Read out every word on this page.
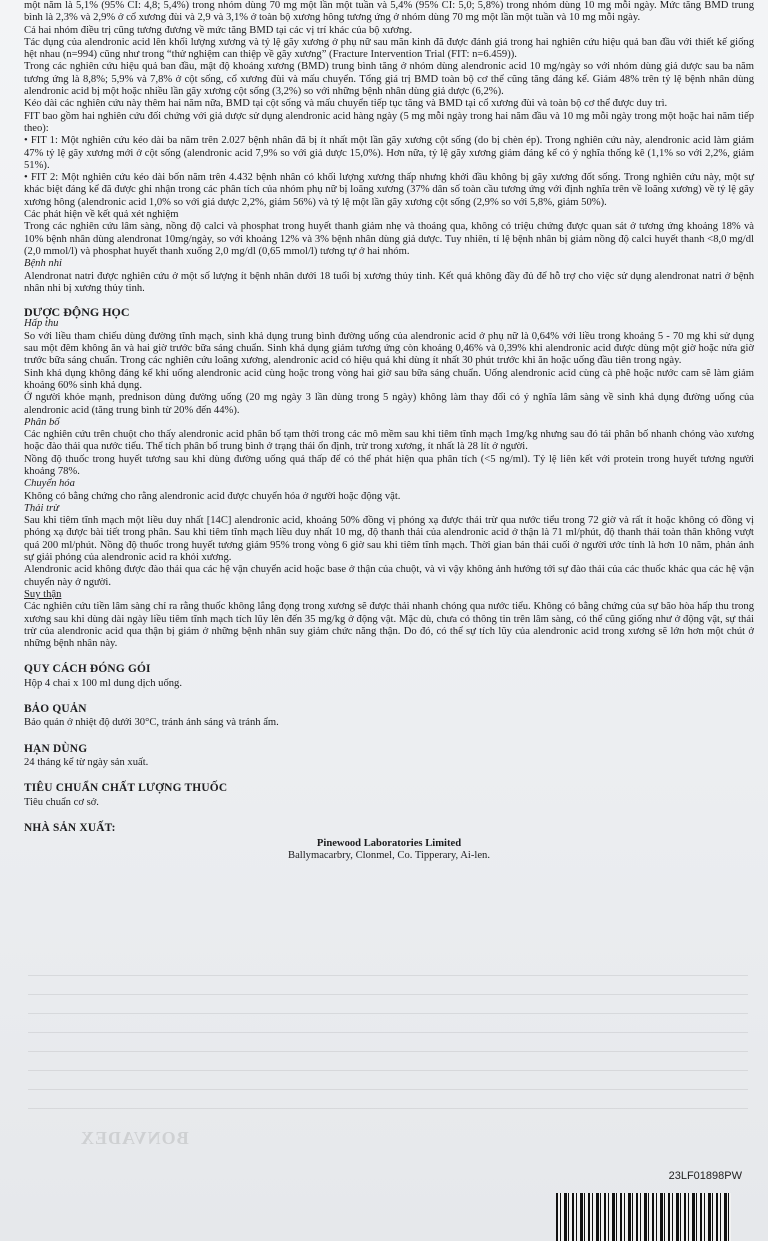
một năm là 5,1% (95% CI: 4,8; 5,4%) trong nhóm dùng 70 mg một lần một tuần và 5,4% (95% CI: 5,0; 5,8%) trong nhóm dùng 10 mg mỗi ngày. Mức tăng BMD trung bình là 2,3% và 2,9% ở cổ xương đùi và 2,9 và 3,1% ở toàn bộ xương hông tương ứng ở nhóm dùng 70 mg một lần một tuần và 10 mg mỗi ngày.

Cả hai nhóm điều trị cũng tương đương về mức tăng BMD tại các vị trí khác của bộ xương.

Tác dụng của alendronic acid lên khối lượng xương và tỷ lệ gãy xương ở phụ nữ sau mãn kinh đã được đánh giá trong hai nghiên cứu hiệu quả ban đầu với thiết kế giống hệt nhau (n=994) cũng như trong “thử nghiệm can thiệp về gãy xương” (Fracture Intervention Trial (FIT: n=6.459)).

Trong các nghiên cứu hiệu quả ban đầu, mật độ khoáng xương (BMD) trung bình tăng ở nhóm dùng alendronic acid 10 mg/ngày so với nhóm dùng giả dược sau ba năm tương ứng là 8,8%; 5,9% và 7,8% ở cột sống, cổ xương đùi và mấu chuyển. Tổng giá trị BMD toàn bộ cơ thể cũng tăng đáng kể. Giảm 48% trên tỷ lệ bệnh nhân dùng alendronic acid bị một hoặc nhiều lần gãy xương cột sống (3,2%) so với những bệnh nhân dùng giả dược (6,2%).

Kéo dài các nghiên cứu này thêm hai năm nữa, BMD tại cột sống và mấu chuyển tiếp tục tăng và BMD tại cổ xương đùi và toàn bộ cơ thể được duy trì.

FIT bao gồm hai nghiên cứu đối chứng với giả dược sử dụng alendronic acid hàng ngày (5 mg mỗi ngày trong hai năm đầu và 10 mg mỗi ngày trong một hoặc hai năm tiếp theo):

• FIT 1: Một nghiên cứu kéo dài ba năm trên 2.027 bệnh nhân đã bị ít nhất một lần gãy xương cột sống (do bị chèn ép). Trong nghiên cứu này, alendronic acid làm giảm 47% tỷ lệ gãy xương mới ở cột sống (alendronic acid 7,9% so với giả dược 15,0%). Hơn nữa, tỷ lệ gãy xương giảm đáng kể có ý nghĩa thống kê (1,1% so với 2,2%, giảm 51%).

• FIT 2: Một nghiên cứu kéo dài bốn năm trên 4.432 bệnh nhân có khối lượng xương thấp nhưng khởi đầu không bị gãy xương đốt sống. Trong nghiên cứu này, một sự khác biệt đáng kể đã được ghi nhận trong các phân tích của nhóm phụ nữ bị loãng xương (37% dân số toàn cầu tương ứng với định nghĩa trên về loãng xương) về tỷ lệ gãy xương hông (alendronic acid 1,0% so với giả dược 2,2%, giảm 56%) và tỷ lệ một lần gãy xương cột sống (2,9% so với 5,8%, giảm 50%).

Các phát hiện về kết quả xét nghiệm

Trong các nghiên cứu lâm sàng, nồng độ calci và phosphat trong huyết thanh giảm nhẹ và thoáng qua, không có triệu chứng được quan sát ở tương ứng khoảng 18% và 10% bệnh nhân dùng alendronat 10mg/ngày, so với khoảng 12% và 3% bệnh nhân dùng giả dược. Tuy nhiên, tỉ lệ bệnh nhân bị giảm nồng độ calci huyết thanh <8,0 mg/dl (2,0 mmol/l) và phosphat huyết thanh xuống 2,0 mg/dl (0,65 mmol/l) tương tự ở hai nhóm.

Bệnh nhi

Alendronat natri được nghiên cứu ở một số lượng ít bệnh nhân dưới 18 tuổi bị xương thủy tinh. Kết quả không đầy đủ để hỗ trợ cho việc sử dụng alendronat natri ở bệnh nhân nhi bị xương thủy tinh.

DƯỢC ĐỘNG HỌC

Hấp thu

So với liều tham chiếu dùng đường tĩnh mạch, sinh khả dụng trung bình đường uống của alendronic acid ở phụ nữ là 0,64% với liều trong khoảng 5 - 70 mg khi sử dụng sau một đêm không ăn và hai giờ trước bữa sáng chuẩn. Sinh khả dụng giảm tương ứng còn khoảng 0,46% và 0,39% khi alendronic acid được dùng một giờ hoặc nửa giờ trước bữa sáng chuẩn. Trong các nghiên cứu loãng xương, alendronic acid có hiệu quả khi dùng ít nhất 30 phút trước khi ăn hoặc uống đầu tiên trong ngày.

Sinh khả dụng không đáng kể khi uống alendronic acid cùng hoặc trong vòng hai giờ sau bữa sáng chuẩn. Uống alendronic acid cùng cà phê hoặc nước cam sẽ làm giảm khoảng 60% sinh khả dụng.

Ở người khỏe mạnh, prednison dùng đường uống (20 mg ngày 3 lần dùng trong 5 ngày) không làm thay đổi có ý nghĩa lâm sàng về sinh khả dụng đường uống của alendronic acid (tăng trung bình từ 20% đến 44%).

Phân bố

Các nghiên cứu trên chuột cho thấy alendronic acid phân bố tạm thời trong các mô mềm sau khi tiêm tĩnh mạch 1mg/kg nhưng sau đó tái phân bố nhanh chóng vào xương hoặc đào thải qua nước tiểu. Thể tích phân bố trung bình ở trạng thái ổn định, trừ trong xương, ít nhất là 28 lít ở người.

Nồng độ thuốc trong huyết tương sau khi dùng đường uống quá thấp để có thể phát hiện qua phân tích (<5 ng/ml). Tỷ lệ liên kết với protein trong huyết tương người khoảng 78%.

Chuyển hóa

Không có bằng chứng cho rằng alendronic acid được chuyển hóa ở người hoặc động vật.

Thải trừ

Sau khi tiêm tĩnh mạch một liều duy nhất [14C] alendronic acid, khoảng 50% đồng vị phóng xạ được thải trừ qua nước tiểu trong 72 giờ và rất ít hoặc không có đồng vị phóng xạ được bài tiết trong phân. Sau khi tiêm tĩnh mạch liều duy nhất 10 mg, độ thanh thải của alendronic acid ở thận là 71 ml/phút, độ thanh thải toàn thân không vượt quá 200 ml/phút. Nồng độ thuốc trong huyết tương giảm 95% trong vòng 6 giờ sau khi tiêm tĩnh mạch. Thời gian bán thải cuối ở người ước tính là hơn 10 năm, phản ánh sự giải phóng của alendronic acid ra khỏi xương.

Alendronic acid không được đào thải qua các hệ vận chuyển acid hoặc base ở thận của chuột, và vì vậy không ảnh hưởng tới sự đào thải của các thuốc khác qua các hệ vận chuyển này ở người.

Suy thận

Các nghiên cứu tiền lâm sàng chỉ ra rằng thuốc không lắng đọng trong xương sẽ được thải nhanh chóng qua nước tiểu. Không có bằng chứng của sự bão hòa hấp thu trong xương sau khi dùng dài ngày liều tiêm tĩnh mạch tích lũy lên đến 35 mg/kg ở động vật. Mặc dù, chưa có thông tin trên lâm sàng, có thể cũng giống như ở động vật, sự thải trừ của alendronic acid qua thận bị giảm ở những bệnh nhân suy giảm chức năng thận. Do đó, có thể sự tích lũy của alendronic acid trong xương sẽ lớn hơn một chút ở những bệnh nhân này.

QUY CÁCH ĐÓNG GÓI

Hộp 4 chai x 100 ml dung dịch uống.

BẢO QUẢN

Bảo quản ở nhiệt độ dưới 30°C, tránh ánh sáng và tránh ẩm.

HẠN DÙNG

24 tháng kể từ ngày sản xuất.

TIÊU CHUẨN CHẤT LƯỢNG THUỐC

Tiêu chuẩn cơ sở.

NHÀ SẢN XUẤT:

Pinewood Laboratories Limited

Ballymacarbry, Clonmel, Co. Tipperary, Ai-len.

BONVADEX
23LF01898PW
